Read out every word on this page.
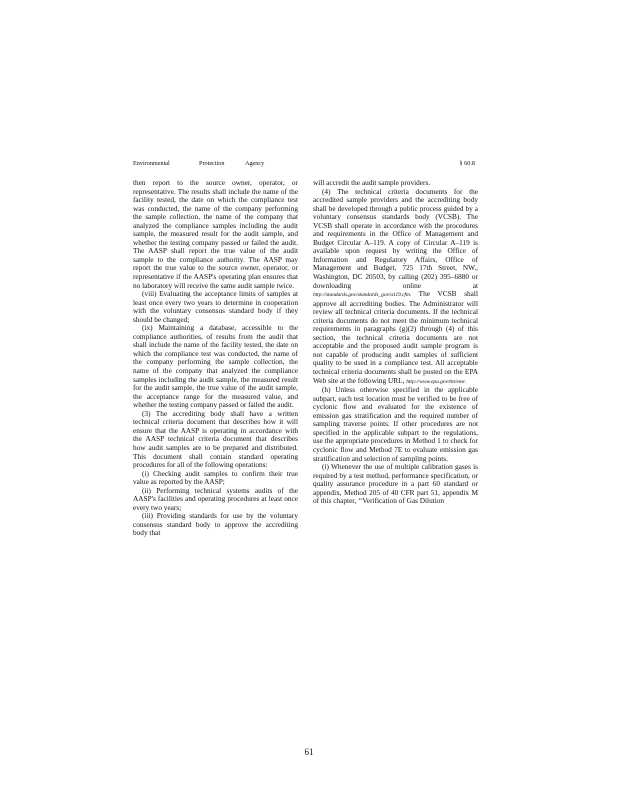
Environmental	Protection	Agency	§ 60.8

then report to the source owner, operator, or representative. The results shall include the name of the facility tested, the date on which the compliance test was conducted, the name of the company performing the sample collection, the name of the company that analyzed the compliance samples including the audit sample, the measured result for the audit sample, and whether the testing company passed or failed the audit. The AASP shall report the true value of the audit sample to the compliance authority. The AASP may report the true value to the source owner, operator, or representative if the AASP's operating plan ensures that no laboratory will receive the same audit sample twice.

(viii) Evaluating the acceptance limits of samples at least once every two years to determine in cooperation with the voluntary consensus standard body if they should be changed;

(ix) Maintaining a database, accessible to the compliance authorities, of results from the audit that shall include the name of the facility tested, the date on which the compliance test was conducted, the name of the company performing the sample collection, the name of the company that analyzed the compliance samples including the audit sample, the measured result for the audit sample, the true value of the audit sample, the acceptance range for the measured value, and whether the testing company passed or failed the audit.

(3) The accrediting body shall have a written technical criteria document that describes how it will ensure that the AASP is operating in accordance with the AASP technical criteria document that describes how audit samples are to be prepared and distributed. This document shall contain standard operating procedures for all of the following operations:

(i) Checking audit samples to confirm their true value as reported by the AASP;

(ii) Performing technical systems audits of the AASP's facilities and operating procedures at least once every two years;

(iii) Providing standards for use by the voluntary consensus standard body to approve the accrediting body that

will accredit the audit sample providers.

(4) The technical criteria documents for the accredited sample providers and the accrediting body shall be developed through a public process guided by a voluntary consensus standards body (VCSB). The VCSB shall operate in accordance with the procedures and requirements in the Office of Management and Budget Circular A–119. A copy of Circular A–119 is available upon request by writing the Office of Information and Regulatory Affairs, Office of Management and Budget, 725 17th Street, NW., Washington, DC 20503, by calling (202) 395–6880 or downloading online at http://standards.gov/standards_gov/a119.cfm. The VCSB shall approve all accrediting bodies. The Administrator will review all technical criteria documents. If the technical criteria documents do not meet the minimum technical requirements in paragraphs (g)(2) through (4) of this section, the technical criteria documents are not acceptable and the proposed audit sample program is not capable of producing audit samples of sufficient quality to be used in a compliance test. All acceptable technical criteria documents shall be posted on the EPA Web site at the following URL, http://www.epa.gov/ttn/emc.

(h) Unless otherwise specified in the applicable subpart, each test location must be verified to be free of cyclonic flow and evaluated for the existence of emission gas stratification and the required number of sampling traverse points. If other procedures are not specified in the applicable subpart to the regulations, use the appropriate procedures in Method 1 to check for cyclonic flow and Method 7E to evaluate emission gas stratification and selection of sampling points.

(i) Whenever the use of multiple calibration gases is required by a test method, performance specification, or quality assurance procedure in a part 60 standard or appendix, Method 205 of 40 CFR part 51, appendix M of this chapter, ‘‘Verification of Gas Dilution

61
